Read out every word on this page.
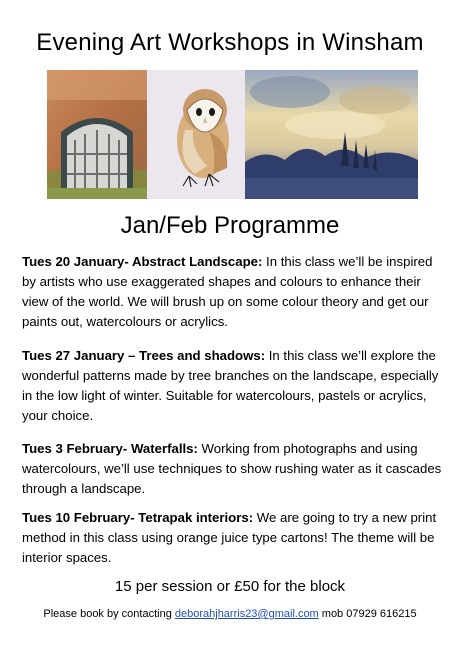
Evening Art Workshops in Winsham
Jan/Feb Programme
Tues 20 January- Abstract Landscape: In this class we’ll be inspired by artists who use exaggerated shapes and colours to enhance their view of the world. We will brush up on some colour theory and get our paints out, watercolours or acrylics.
Tues 27 January – Trees and shadows: In this class we’ll explore the wonderful patterns made by tree branches on the landscape, especially in the low light of winter. Suitable for watercolours, pastels or acrylics, your choice.
Tues 3 February- Waterfalls: Working from photographs and using watercolours, we’ll use techniques to show rushing water as it cascades through a landscape.
Tues 10 February- Tetrapak interiors: We are going to try a new print method in this class using orange juice type cartons! The theme will be interior spaces.
15 per session or £50 for the block
Please book by contacting deborahjharris23@gmail.com mob 07929 616215
